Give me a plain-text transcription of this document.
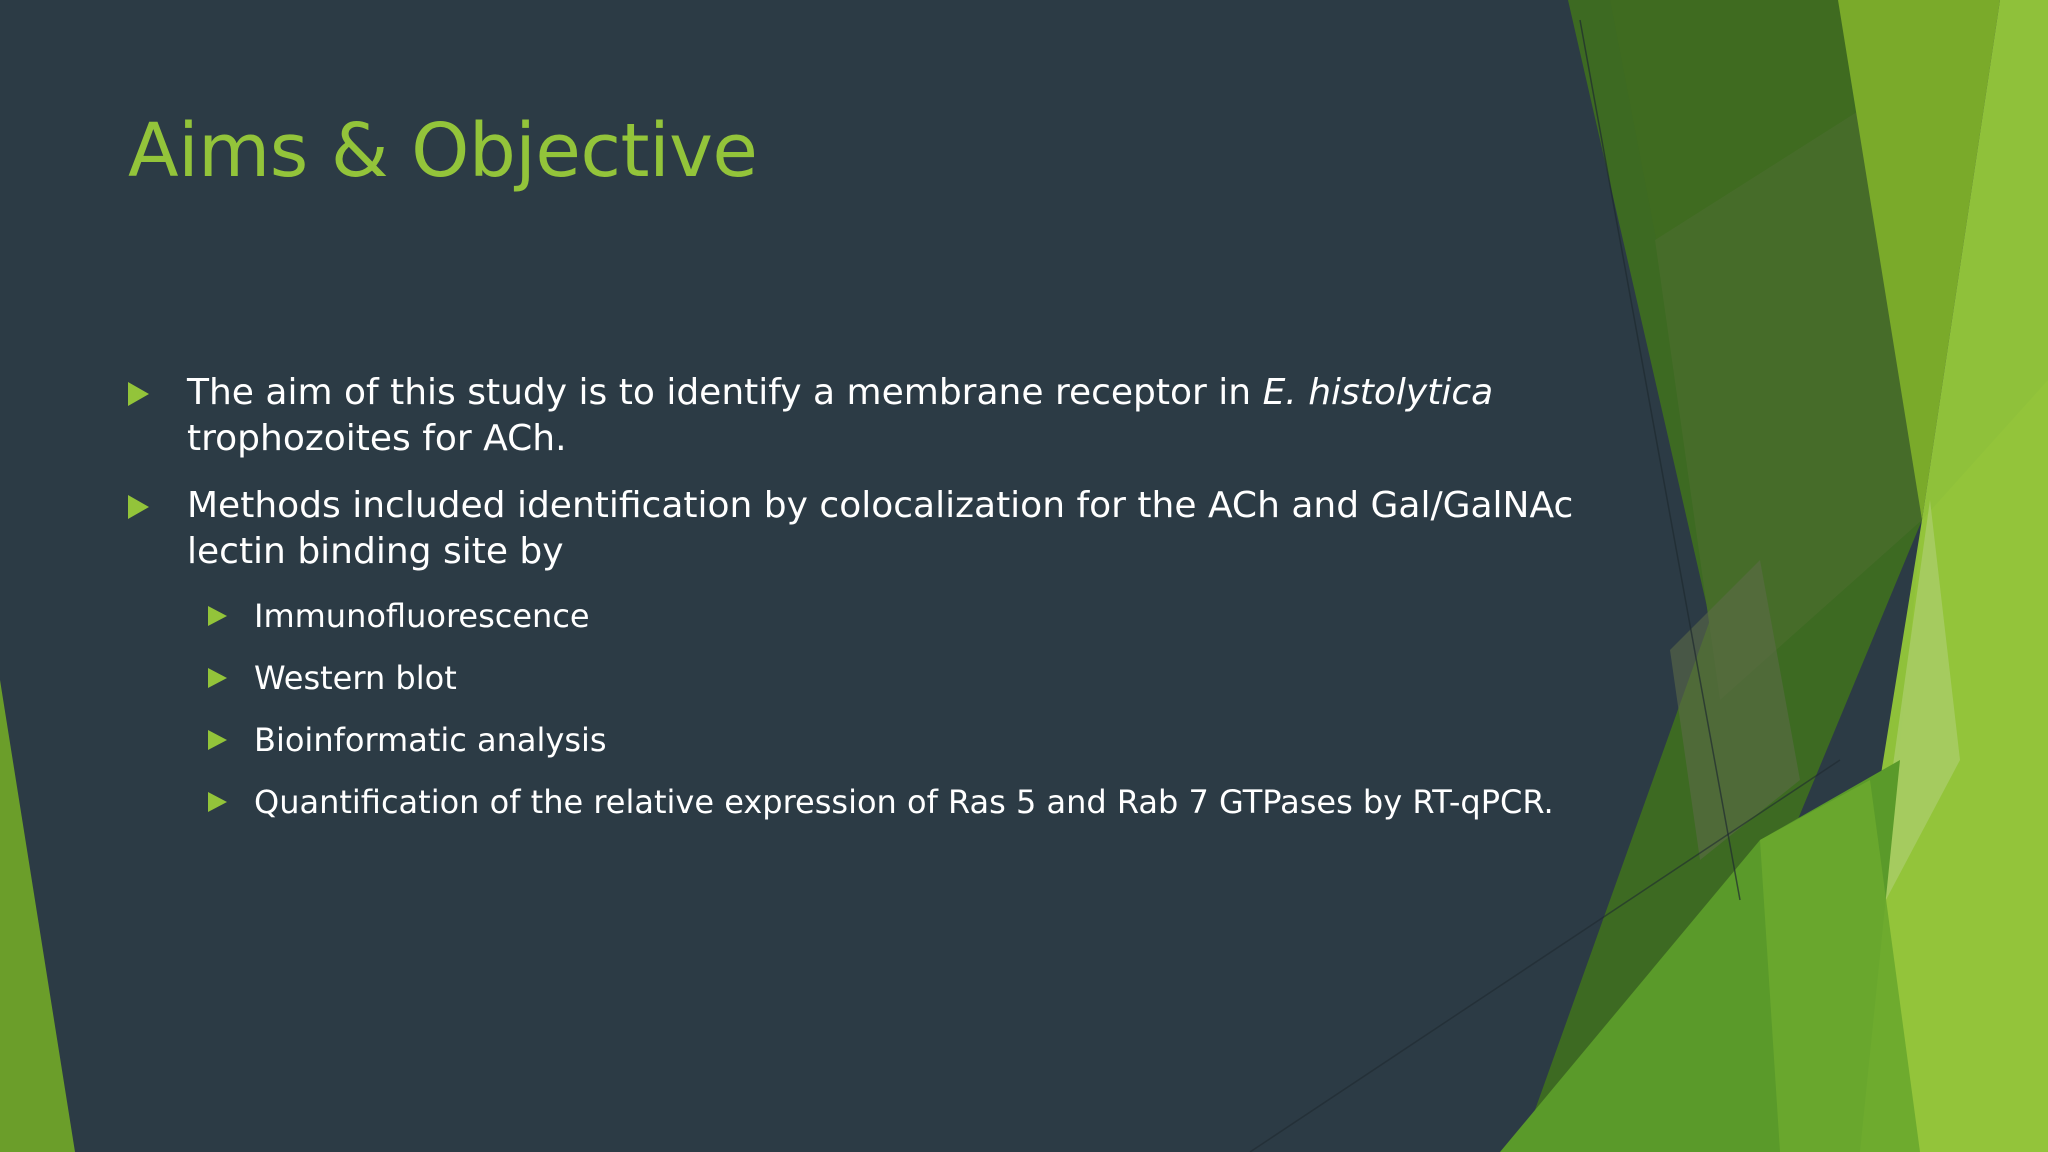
Aims & Objective
The aim of this study is to identify a membrane receptor in E. histolytica trophozoites for ACh.
Methods included identification by colocalization for the ACh and Gal/GalNAc lectin binding site by
Immunofluorescence
Western blot
Bioinformatic analysis
Quantification of the relative expression of Ras 5 and Rab 7 GTPases by RT-qPCR.
